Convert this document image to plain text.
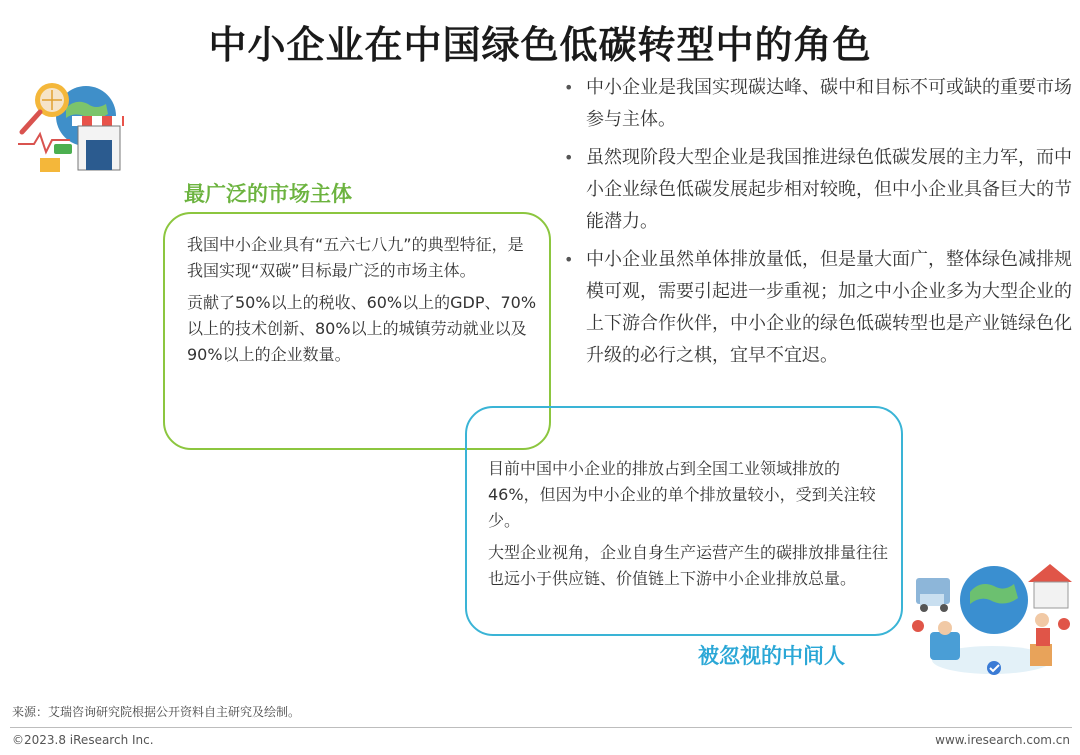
中小企业在中国绿色低碳转型中的角色
• 中小企业是我国实现碳达峰、碳中和目标不可或缺的重要市场参与主体。
• 虽然现阶段大型企业是我国推进绿色低碳发展的主力军，而中小企业绿色低碳发展起步相对较晚，但中小企业具备巨大的节能潜力。
• 中小企业虽然单体排放量低，但是量大面广，整体绿色减排规模可观，需要引起进一步重视；加之中小企业多为大型企业的上下游合作伙伴，中小企业的绿色低碳转型也是产业链绿色化升级的必行之棋，宜早不宜迟。
最广泛的市场主体

我国中小企业具有“五六七八九”的典型特征，是我国实现“双碳”目标最广泛的市场主体。

贡献了50%以上的税收、60%以上的GDP、70%以上的技术创新、80%以上的城镇劳动就业以及90%以上的企业数量。

目前中国中小企业的排放占到全国工业领域排放的46%，但因为中小企业的单个排放量较小，受到关注较少。

大型企业视角，企业自身生产运营产生的碳排放排量往往也远小于供应链、价值链上下游中小企业排放总量。

被忽视的中间人
来源：艾瑞咨询研究院根据公开资料自主研究及绘制。
©2023.8 iResearch Inc.	www.iresearch.com.cn
